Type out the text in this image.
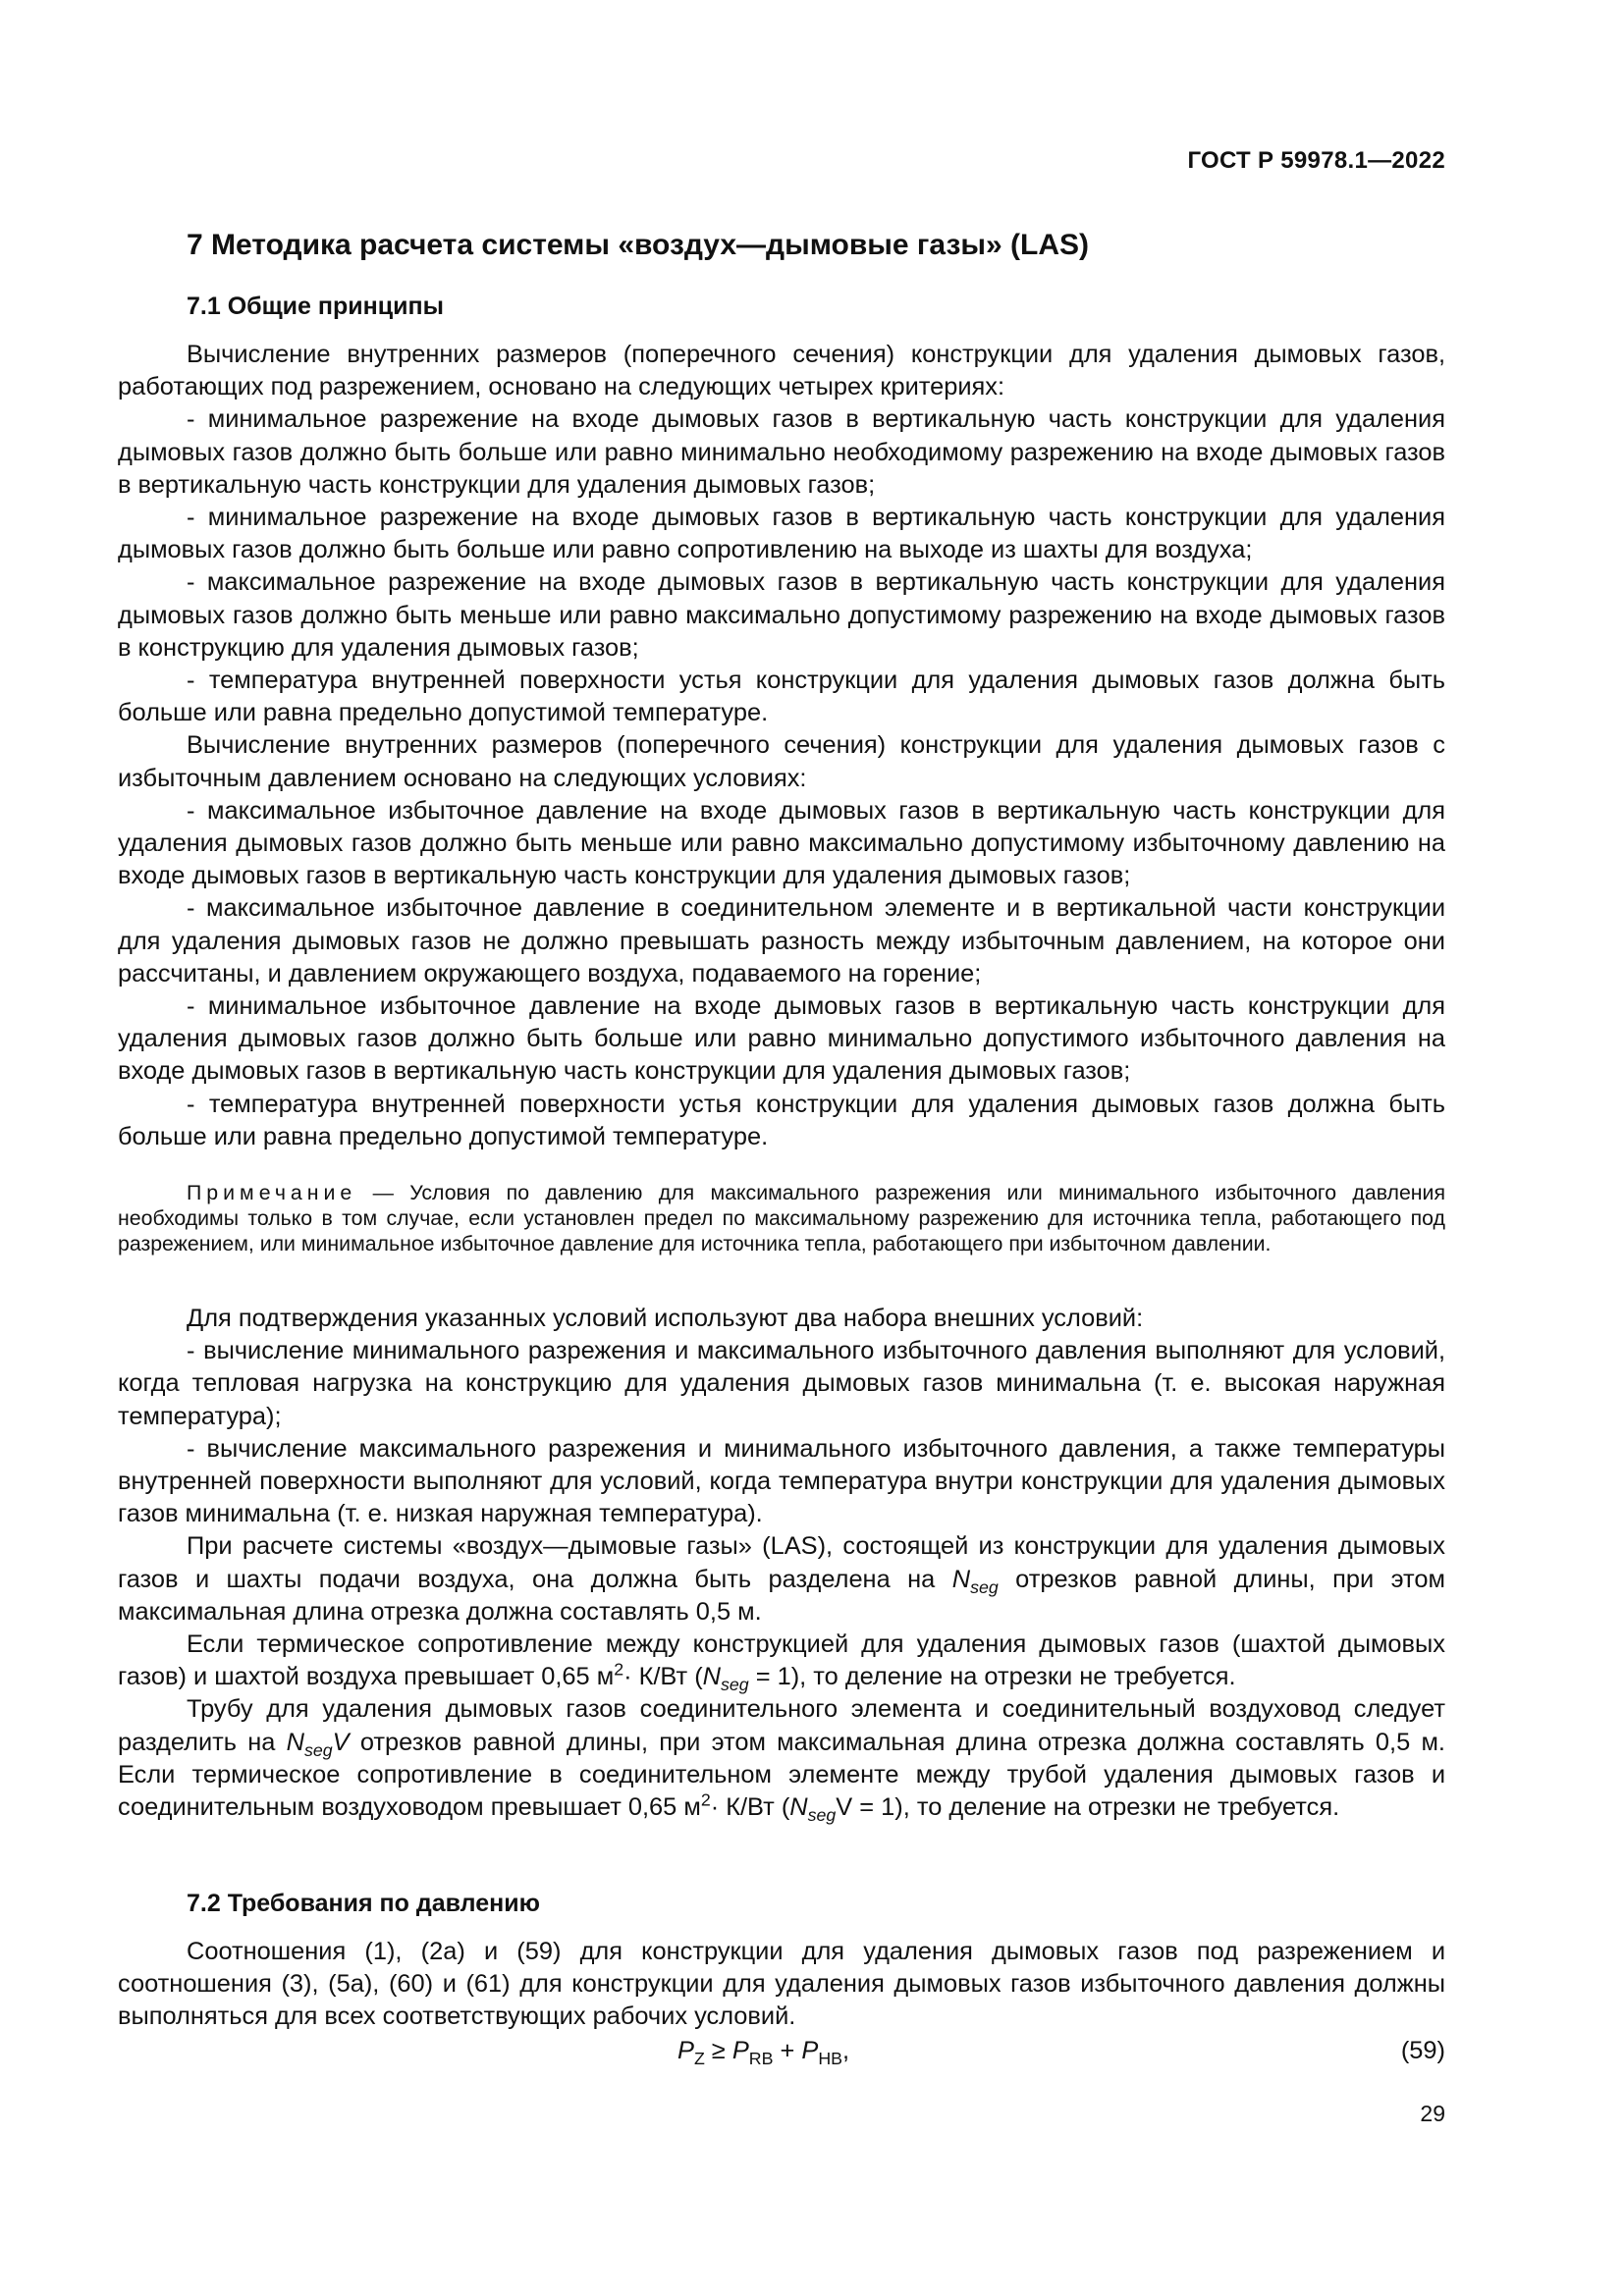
ГОСТ Р 59978.1—2022
7 Методика расчета системы «воздух—дымовые газы» (LAS)
7.1 Общие принципы

Вычисление внутренних размеров (поперечного сечения) конструкции для удаления дымовых газов, работающих под разрежением, основано на следующих четырех критериях:

- минимальное разрежение на входе дымовых газов в вертикальную часть конструкции для удаления дымовых газов должно быть больше или равно минимально необходимому разрежению на входе дымовых газов в вертикальную часть конструкции для удаления дымовых газов;

- минимальное разрежение на входе дымовых газов в вертикальную часть конструкции для удаления дымовых газов должно быть больше или равно сопротивлению на выходе из шахты для воздуха;

- максимальное разрежение на входе дымовых газов в вертикальную часть конструкции для удаления дымовых газов должно быть меньше или равно максимально допустимому разрежению на входе дымовых газов в конструкцию для удаления дымовых газов;

- температура внутренней поверхности устья конструкции для удаления дымовых газов должна быть больше или равна предельно допустимой температуре.

Вычисление внутренних размеров (поперечного сечения) конструкции для удаления дымовых газов с избыточным давлением основано на следующих условиях:

- максимальное избыточное давление на входе дымовых газов в вертикальную часть конструкции для удаления дымовых газов должно быть меньше или равно максимально допустимому избыточному давлению на входе дымовых газов в вертикальную часть конструкции для удаления дымовых газов;

- максимальное избыточное давление в соединительном элементе и в вертикальной части конструкции для удаления дымовых газов не должно превышать разность между избыточным давлением, на которое они рассчитаны, и давлением окружающего воздуха, подаваемого на горение;

- минимальное избыточное давление на входе дымовых газов в вертикальную часть конструкции для удаления дымовых газов должно быть больше или равно минимально допустимого избыточного давления на входе дымовых газов в вертикальную часть конструкции для удаления дымовых газов;

- температура внутренней поверхности устья конструкции для удаления дымовых газов должна быть больше или равна предельно допустимой температуре.

Примечание — Условия по давлению для максимального разрежения или минимального избыточного давления необходимы только в том случае, если установлен предел по максимальному разрежению для источника тепла, работающего под разрежением, или минимальное избыточное давление для источника тепла, работающего при избыточном давлении.

Для подтверждения указанных условий используют два набора внешних условий:

- вычисление минимального разрежения и максимального избыточного давления выполняют для условий, когда тепловая нагрузка на конструкцию для удаления дымовых газов минимальна (т. е. высокая наружная температура);

- вычисление максимального разрежения и минимального избыточного давления, а также температуры внутренней поверхности выполняют для условий, когда температура внутри конструкции для удаления дымовых газов минимальна (т. е. низкая наружная температура).

При расчете системы «воздух—дымовые газы» (LAS), состоящей из конструкции для удаления дымовых газов и шахты подачи воздуха, она должна быть разделена на $N_{seg}$ отрезков равной длины, при этом максимальная длина отрезка должна составлять 0,5 м.

Если термическое сопротивление между конструкцией для удаления дымовых газов (шахтой дымовых газов) и шахтой воздуха превышает 0,65 $м^2\cdot К/Вт$ $(N_{seg} = 1)$, то деление на отрезки не требуется.

Трубу для удаления дымовых газов соединительного элемента и соединительный воздуховод следует разделить на $N_{seg}V$ отрезков равной длины, при этом максимальная длина отрезка должна составлять 0,5 м. Если термическое сопротивление в соединительном элементе между трубой удаления дымовых газов и соединительным воздуховодом превышает 0,65 $м^2\cdot К/Вт$ $(N_{seg}V = 1)$, то деление на отрезки не требуется.

7.2 Требования по давлению

Соотношения (1), (2а) и (59) для конструкции для удаления дымовых газов под разрежением и соотношения (3), (5а), (60) и (61) для конструкции для удаления дымовых газов избыточного давления должны выполняться для всех соответствующих рабочих условий.

$P_Z \ge P_{RB} + P_{HB}$,	(59)
29
